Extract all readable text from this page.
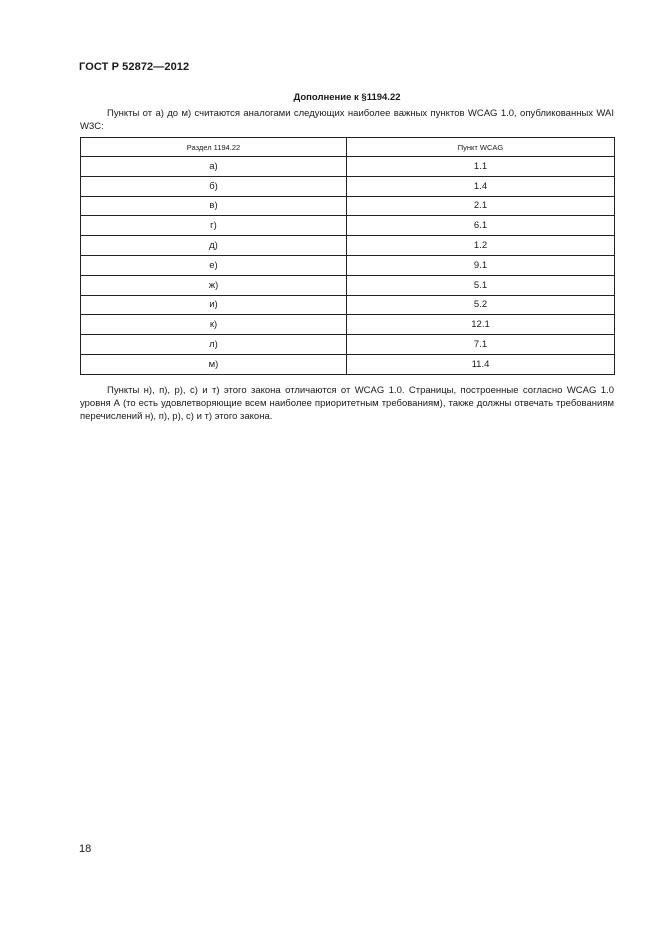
ГОСТ Р 52872—2012
Дополнение к §1194.22

Пункты от а) до м) считаются аналогами следующих наиболее важных пунктов WCAG 1.0, опубликованных WAI W3C:

Раздел 1194.22	Пункт WCAG
а)	1.1
б)	1.4
в)	2.1
г)	6.1
д)	1.2
е)	9.1
ж)	5.1
и)	5.2
к)	12.1
л)	7.1
м)	11.4

Пункты н), п), р), с) и т) этого закона отличаются от WCAG 1.0. Страницы, построенные согласно WCAG 1.0 уровня А (то есть удовлетворяющие всем наиболее приоритетным требованиям), также должны отвечать требованиям перечислений н), п), р), с) и т) этого закона.

18
